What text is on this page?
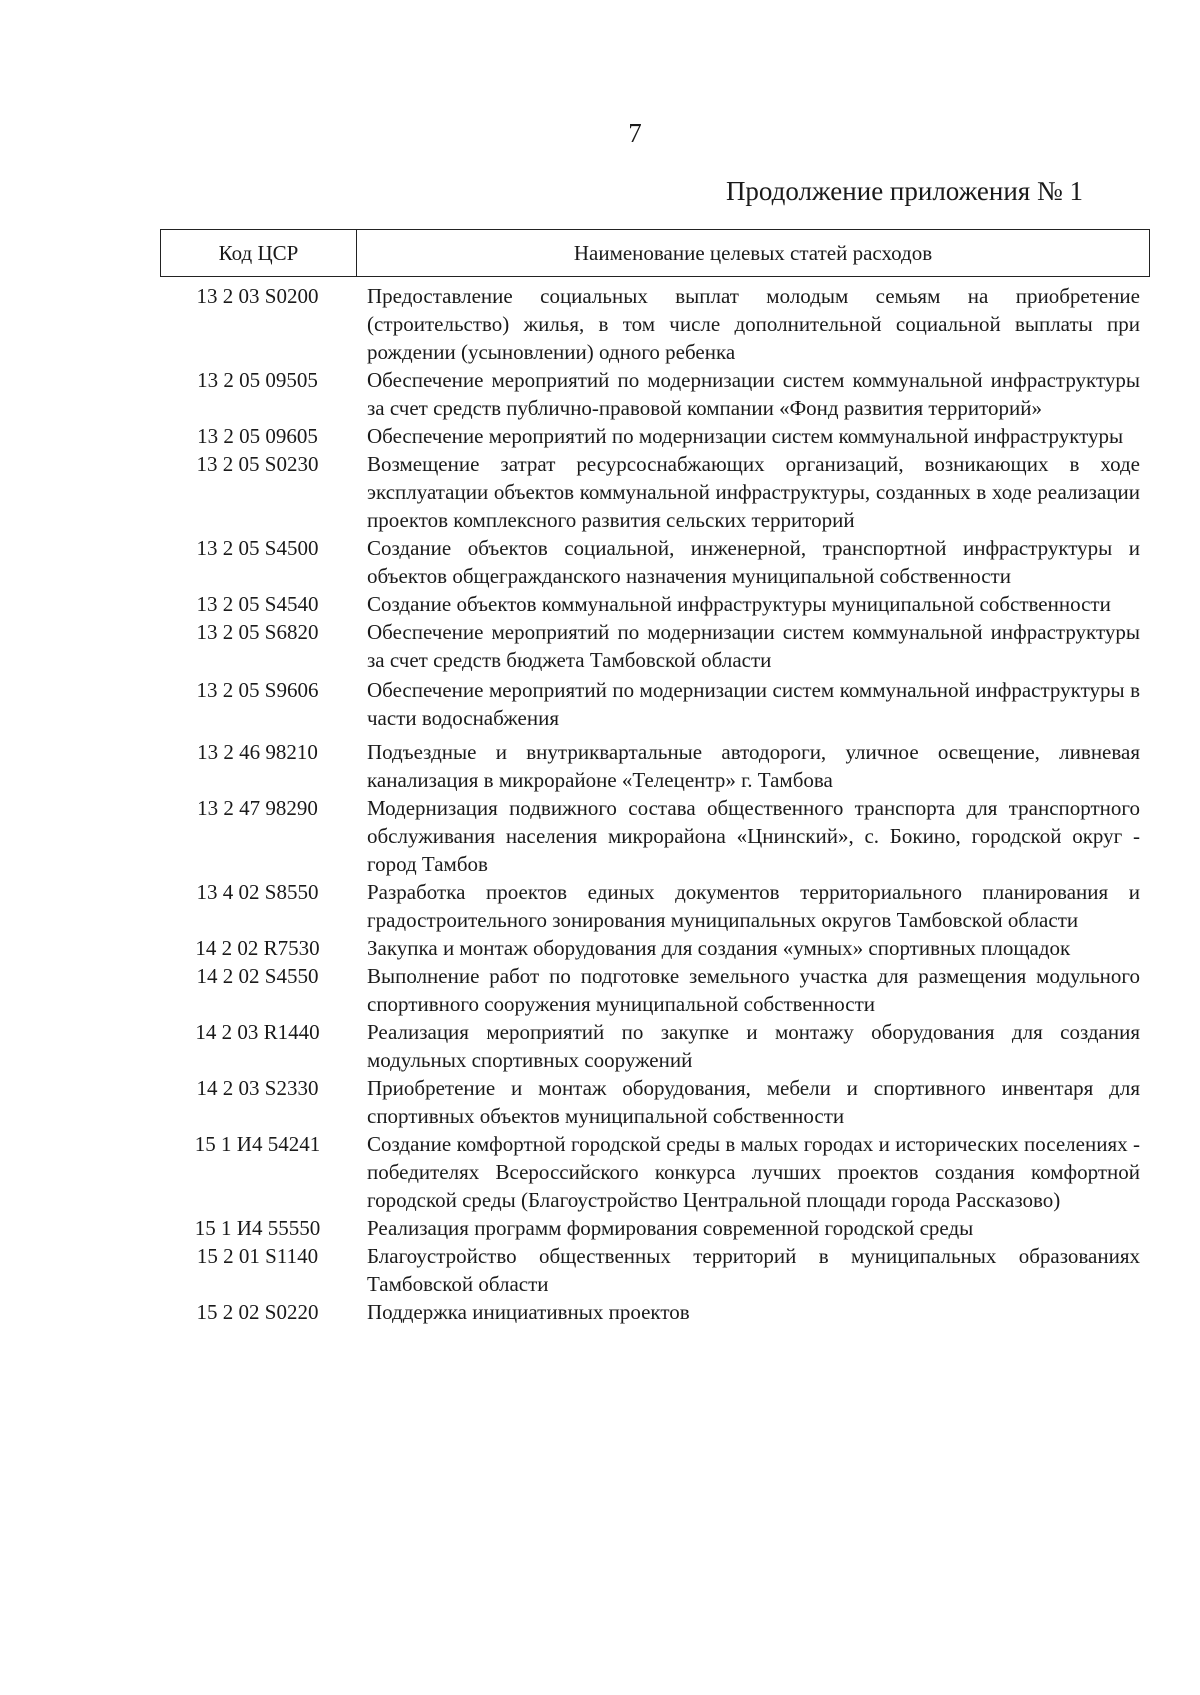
7
Продолжение приложения № 1
Код ЦСР	Наименование целевых статей расходов
13 2 03 S0200	Предоставление социальных выплат молодым семьям на приобретение (строительство) жилья, в том числе дополнительной социальной выплаты при рождении (усыновлении) одного ребенка
13 2 05 09505	Обеспечение мероприятий по модернизации систем коммунальной инфраструктуры за счет средств публично-правовой компании «Фонд развития территорий»
13 2 05 09605	Обеспечение мероприятий по модернизации систем коммунальной инфраструктуры
13 2 05 S0230	Возмещение затрат ресурсоснабжающих организаций, возникающих в ходе эксплуатации объектов коммунальной инфраструктуры, созданных в ходе реализации проектов комплексного развития сельских территорий
13 2 05 S4500	Создание объектов социальной, инженерной, транспортной инфраструктуры и объектов общегражданского назначения муниципальной собственности
13 2 05 S4540	Создание объектов коммунальной инфраструктуры муниципальной собственности
13 2 05 S6820	Обеспечение мероприятий по модернизации систем коммунальной инфраструктуры за счет средств бюджета Тамбовской области
13 2 05 S9606	Обеспечение мероприятий по модернизации систем коммунальной инфраструктуры в части водоснабжения
13 2 46 98210	Подъездные и внутриквартальные автодороги, уличное освещение, ливневая канализация в микрорайоне «Телецентр» г. Тамбова
13 2 47 98290	Модернизация подвижного состава общественного транспорта для транспортного обслуживания населения микрорайона «Цнинский», с. Бокино, городской округ - город Тамбов
13 4 02 S8550	Разработка проектов единых документов территориального планирования и градостроительного зонирования муниципальных округов Тамбовской области
14 2 02 R7530	Закупка и монтаж оборудования для создания «умных» спортивных площадок
14 2 02 S4550	Выполнение работ по подготовке земельного участка для размещения модульного спортивного сооружения муниципальной собственности
14 2 03 R1440	Реализация мероприятий по закупке и монтажу оборудования для создания модульных спортивных сооружений
14 2 03 S2330	Приобретение и монтаж оборудования, мебели и спортивного инвентаря для спортивных объектов муниципальной собственности
15 1 И4 54241	Создание комфортной городской среды в малых городах и исторических поселениях - победителях Всероссийского конкурса лучших проектов создания комфортной городской среды (Благоустройство Центральной площади города Рассказово)
15 1 И4 55550	Реализация программ формирования современной городской среды
15 2 01 S1140	Благоустройство общественных территорий в муниципальных образованиях Тамбовской области
15 2 02 S0220	Поддержка инициативных проектов
